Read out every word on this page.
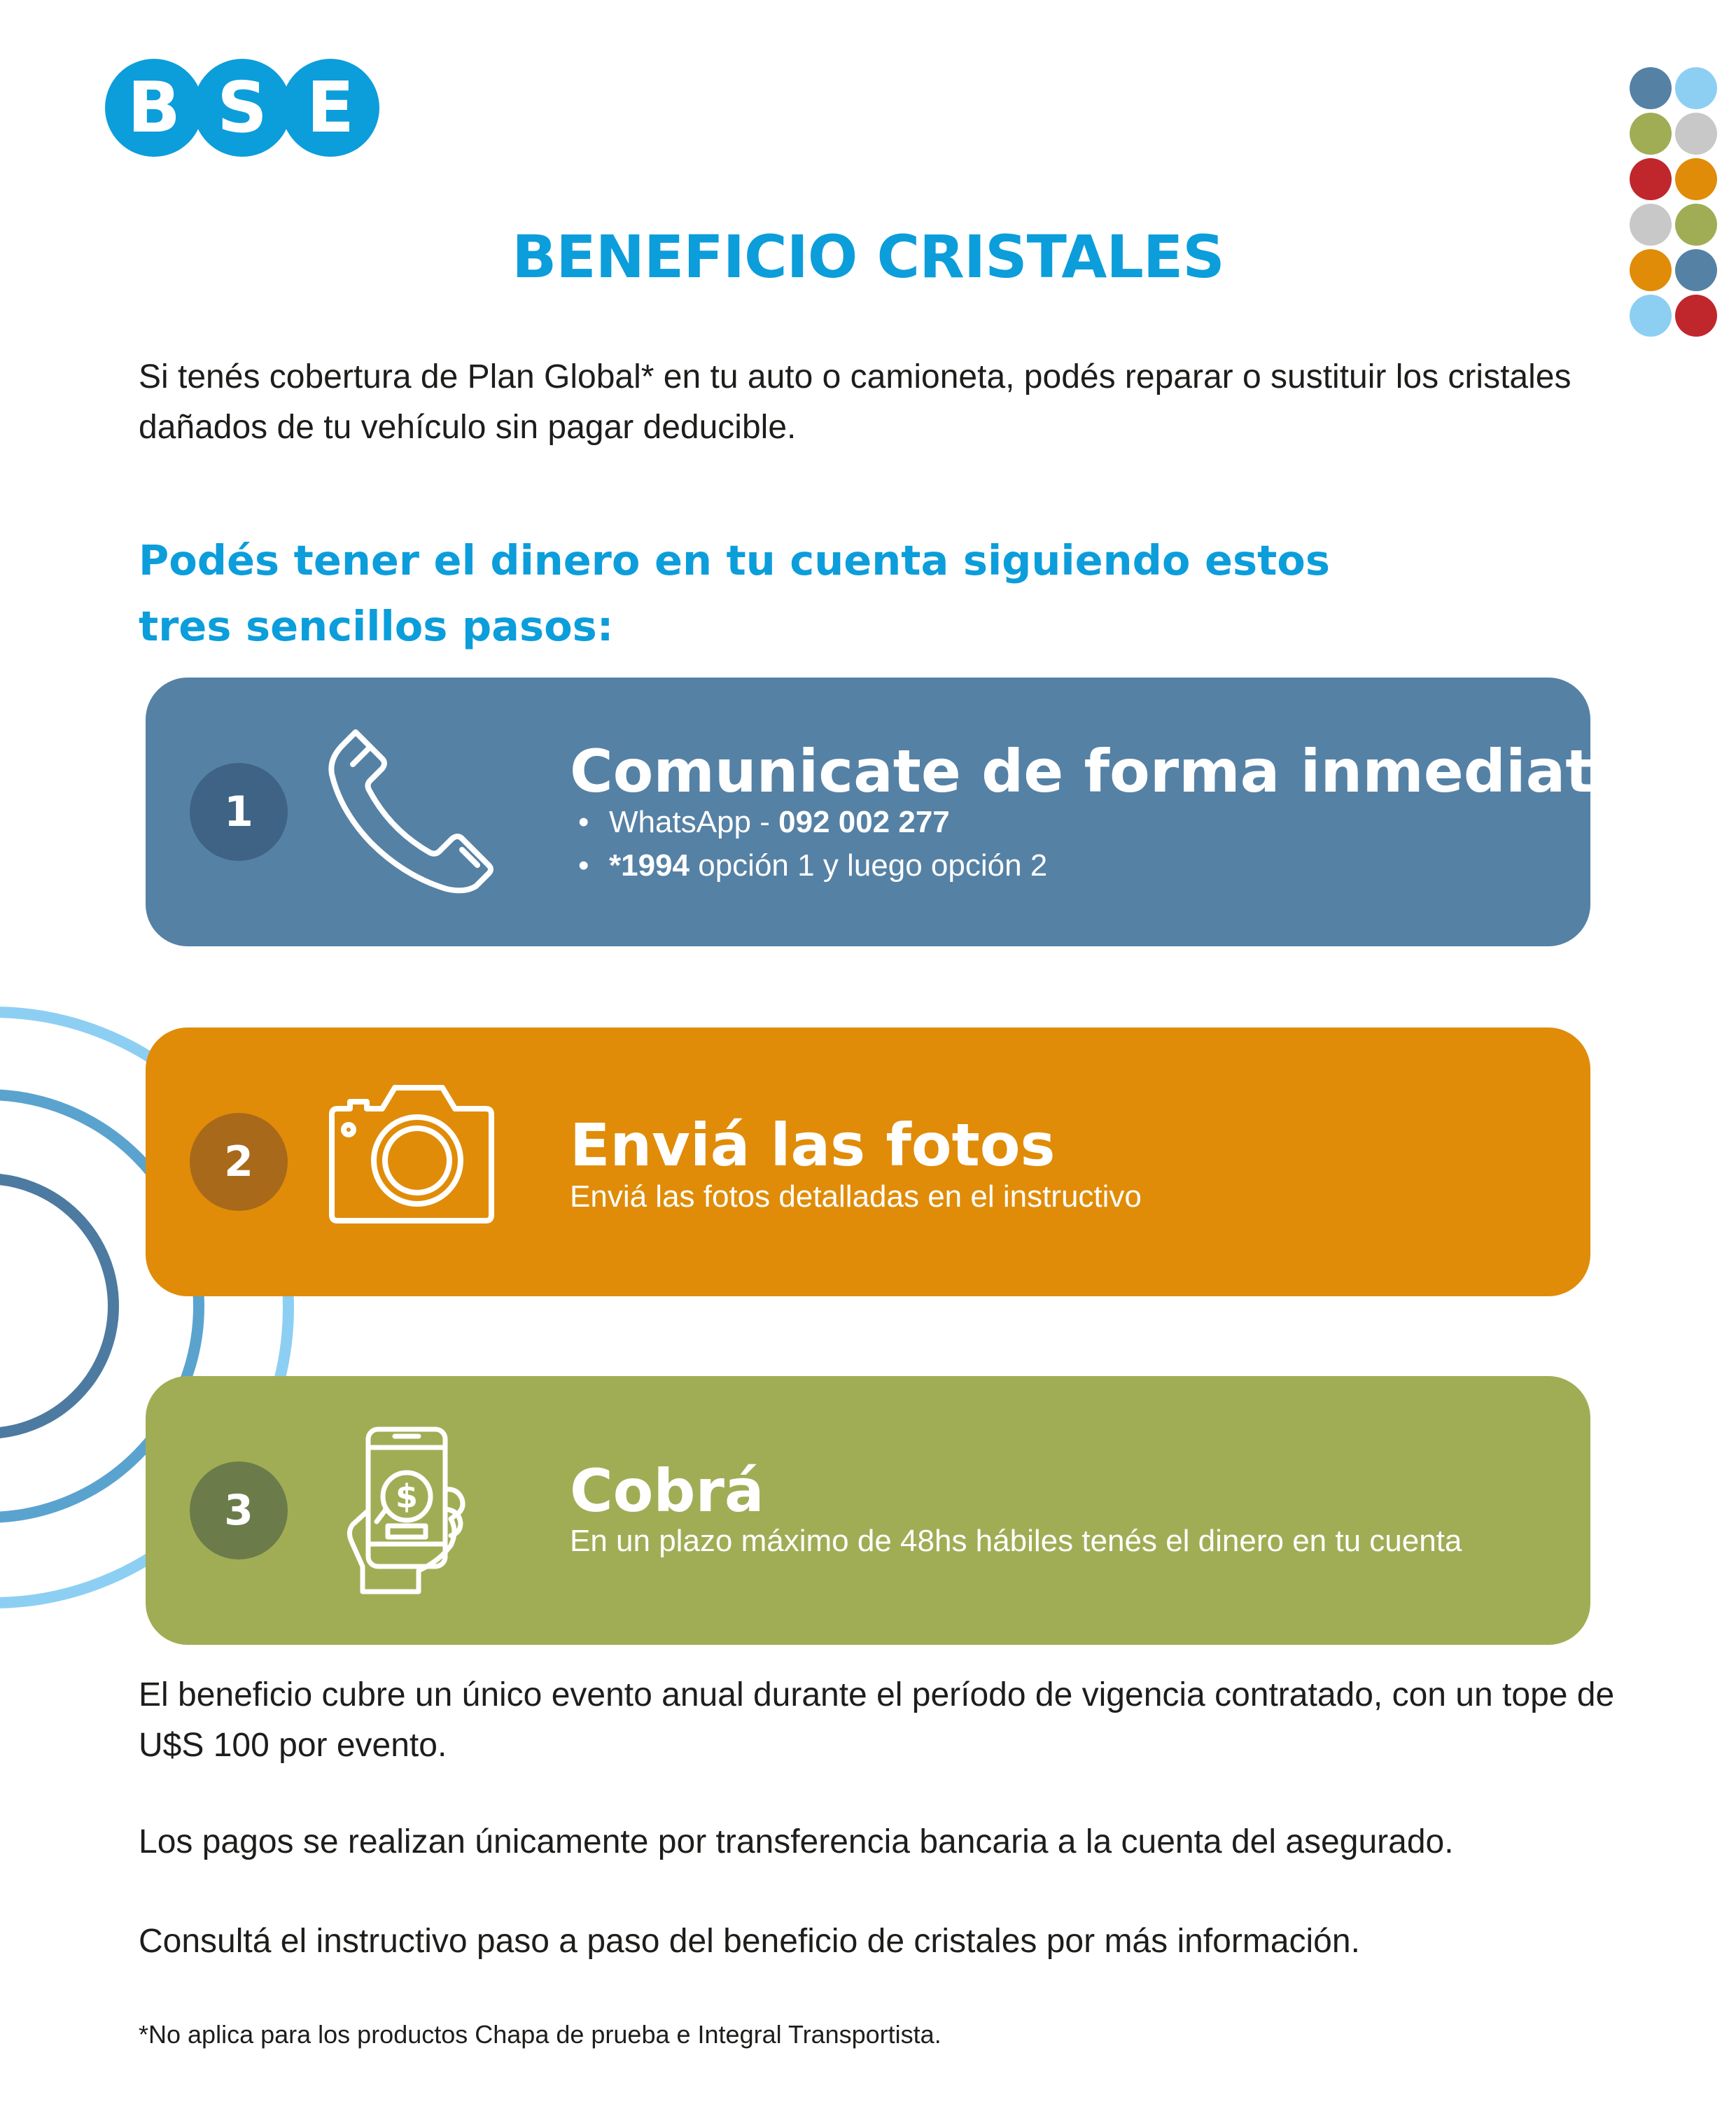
B S E

BENEFICIO CRISTALES
Si tenés cobertura de Plan Global* en tu auto o camioneta, podés reparar o sustituir los cristales dañados de tu vehículo sin pagar deducible.
Podés tener el dinero en tu cuenta siguiendo estos tres sencillos pasos:
1
Comunicate de forma inmediata
• WhatsApp - 092 002 277
• *1994 opción 1 y luego opción 2
2	Enviá las fotos
Enviá las fotos detalladas en el instructivo
3	$	Cobrá
En un plazo máximo de 48hs hábiles tenés el dinero en tu cuenta
El beneficio cubre un único evento anual durante el período de vigencia contratado, con un tope de U$S 100 por evento.
Los pagos se realizan únicamente por transferencia bancaria a la cuenta del asegurado.
Consultá el instructivo paso a paso del beneficio de cristales por más información.
*No aplica para los productos Chapa de prueba e Integral Transportista.
